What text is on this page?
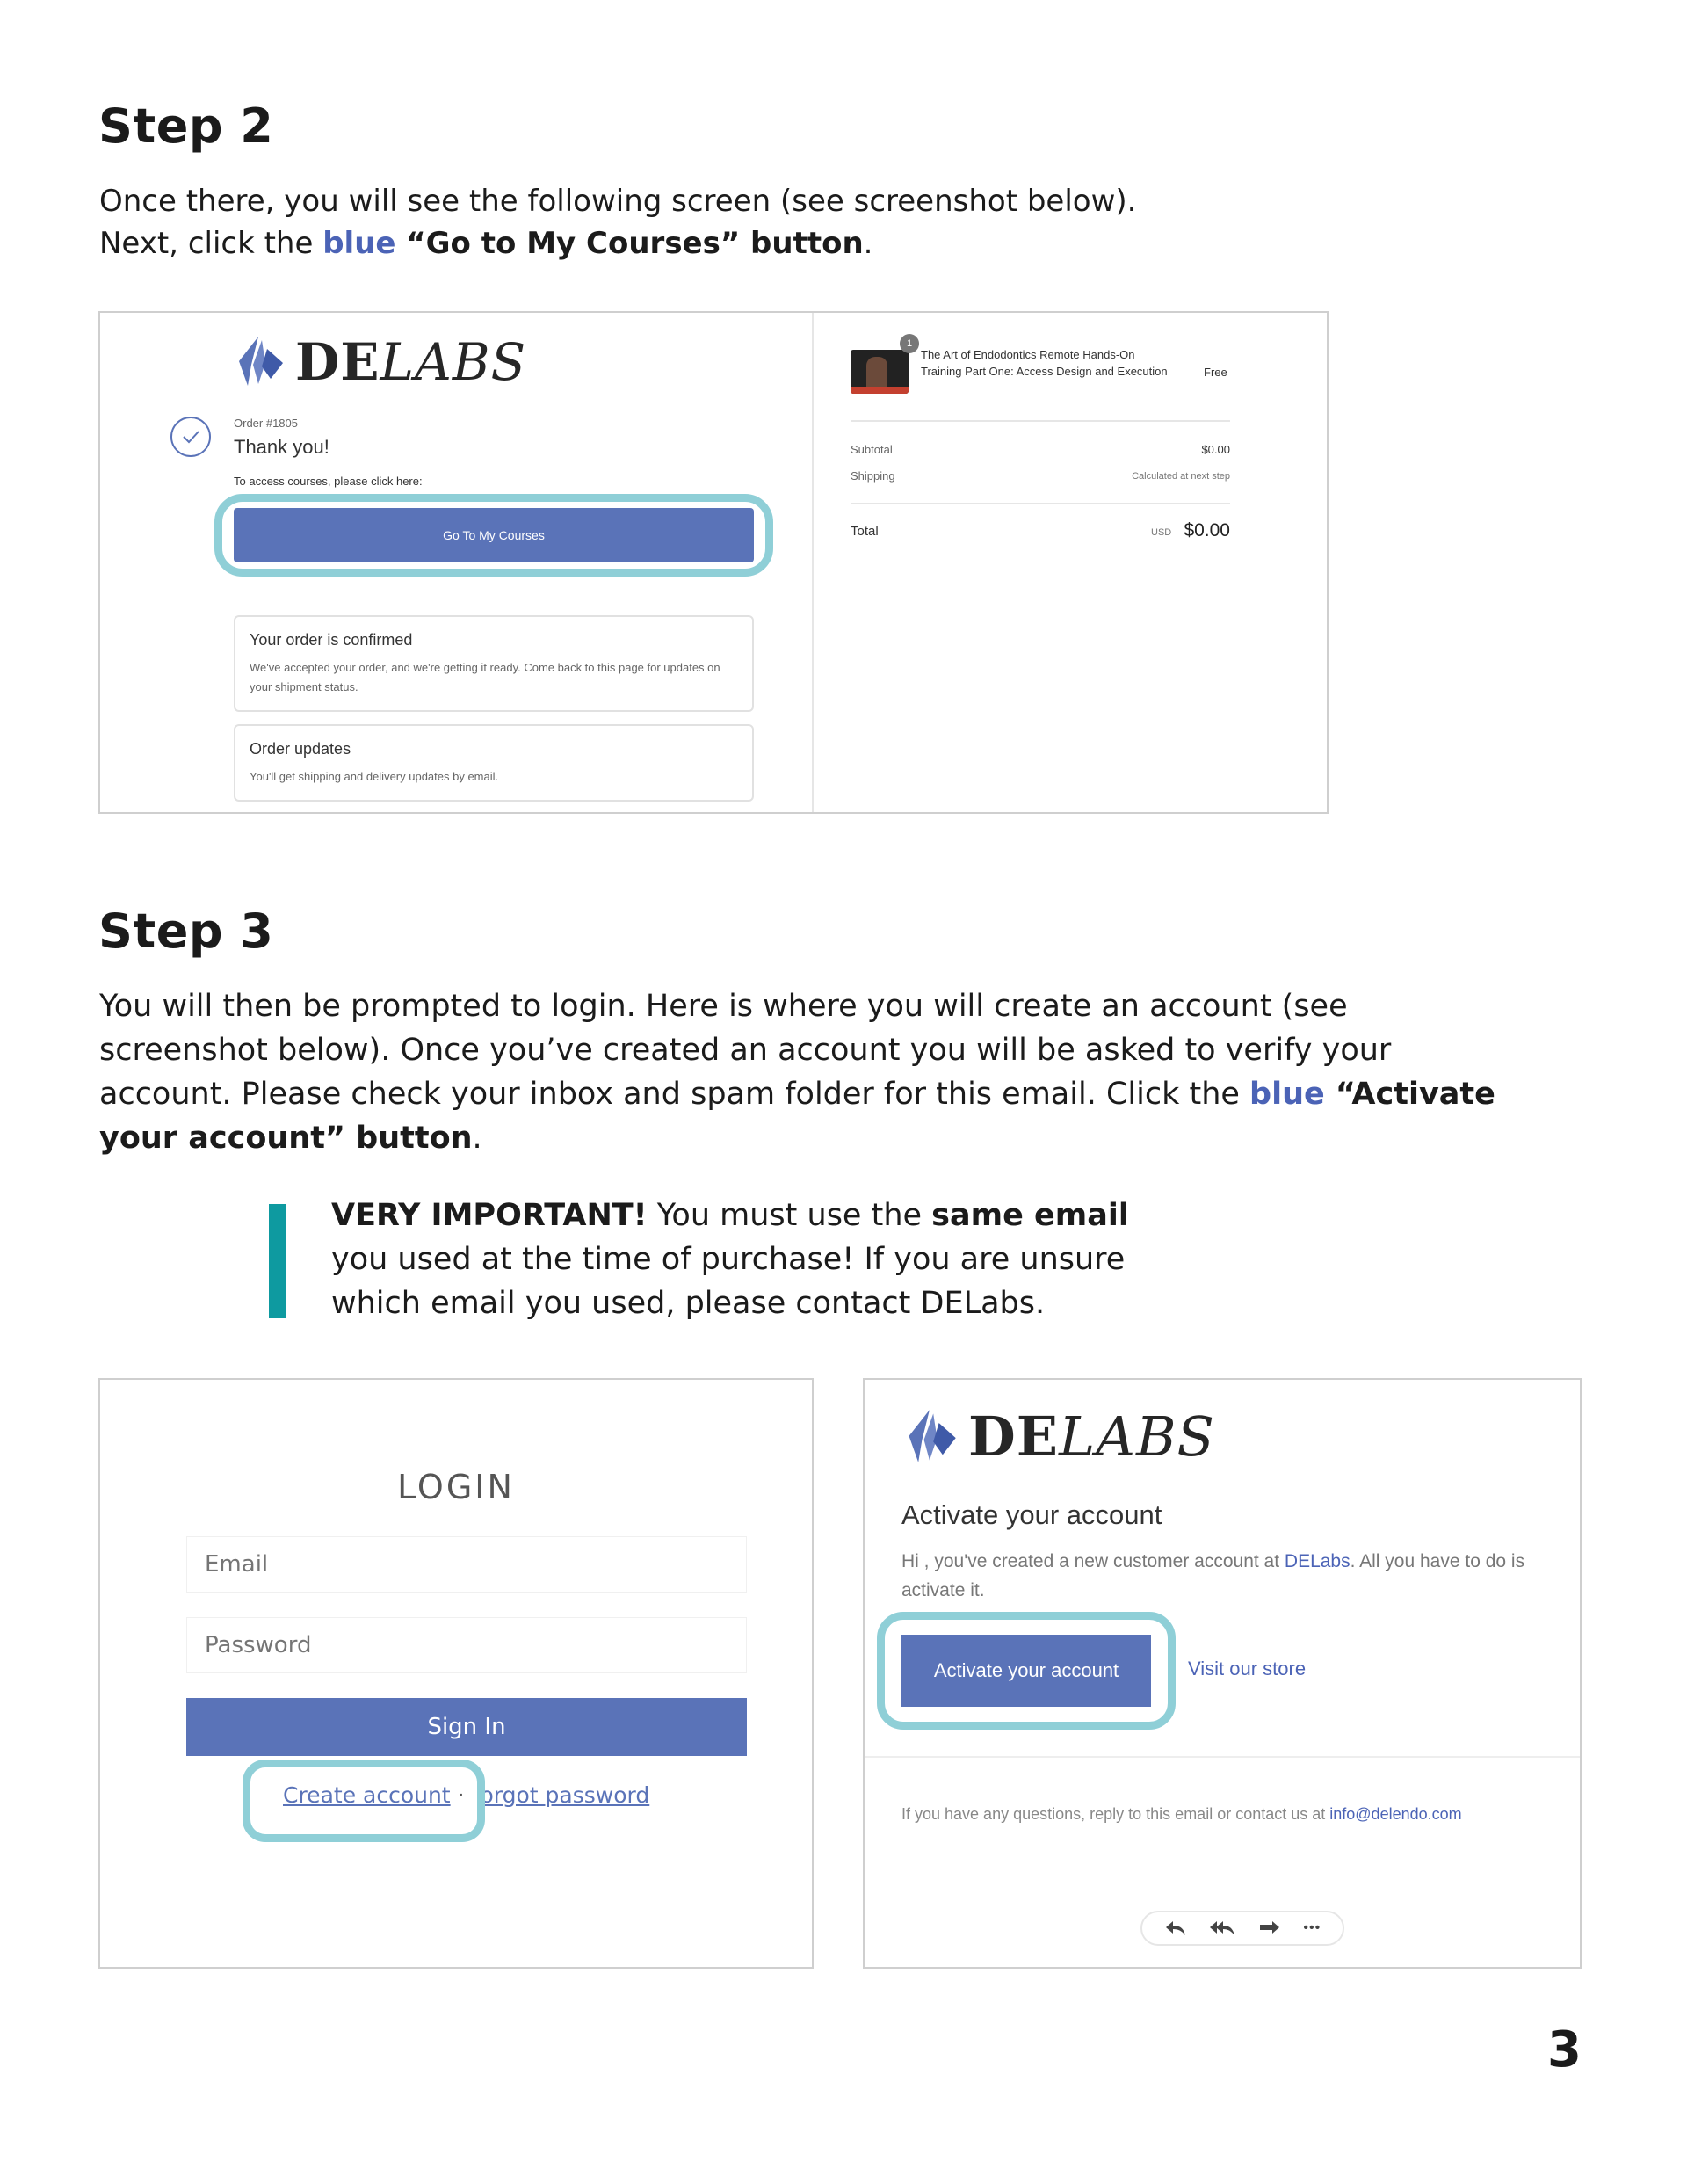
Step 2

Once there, you will see the following screen (see screenshot below).

Next, click the blue “Go to My Courses” button.

DELABS
Order #1805
Thank you!
To access courses, please click here:
Go To My Courses
Your order is confirmed
We've accepted your order, and we're getting it ready. Come back to this page for updates on your shipment status.
Order updates
You'll get shipping and delivery updates by email.
1
The Art of Endodontics Remote Hands-On Training Part One: Access Design and Execution	Free
Subtotal	$0.00
Shipping	Calculated at next step
Total	USD $0.00
Step 3

You will then be prompted to login. Here is where you will create an account (see

screenshot below). Once you’ve created an account you will be asked to verify your

account. Please check your inbox and spam folder for this email. Click the blue “Activate

your account” button.

VERY IMPORTANT! You must use the same email

you used at the time of purchase! If you are unsure

which email you used, please contact DELabs.

LOGIN
Email
Password
Sign In
Create account · orgot password
DELABS
Activate your account
Hi , you've created a new customer account at DELabs. All you have to do is activate it.
Activate your account	Visit our store
If you have any questions, reply to this email or contact us at info@delendo.com
•••
3
